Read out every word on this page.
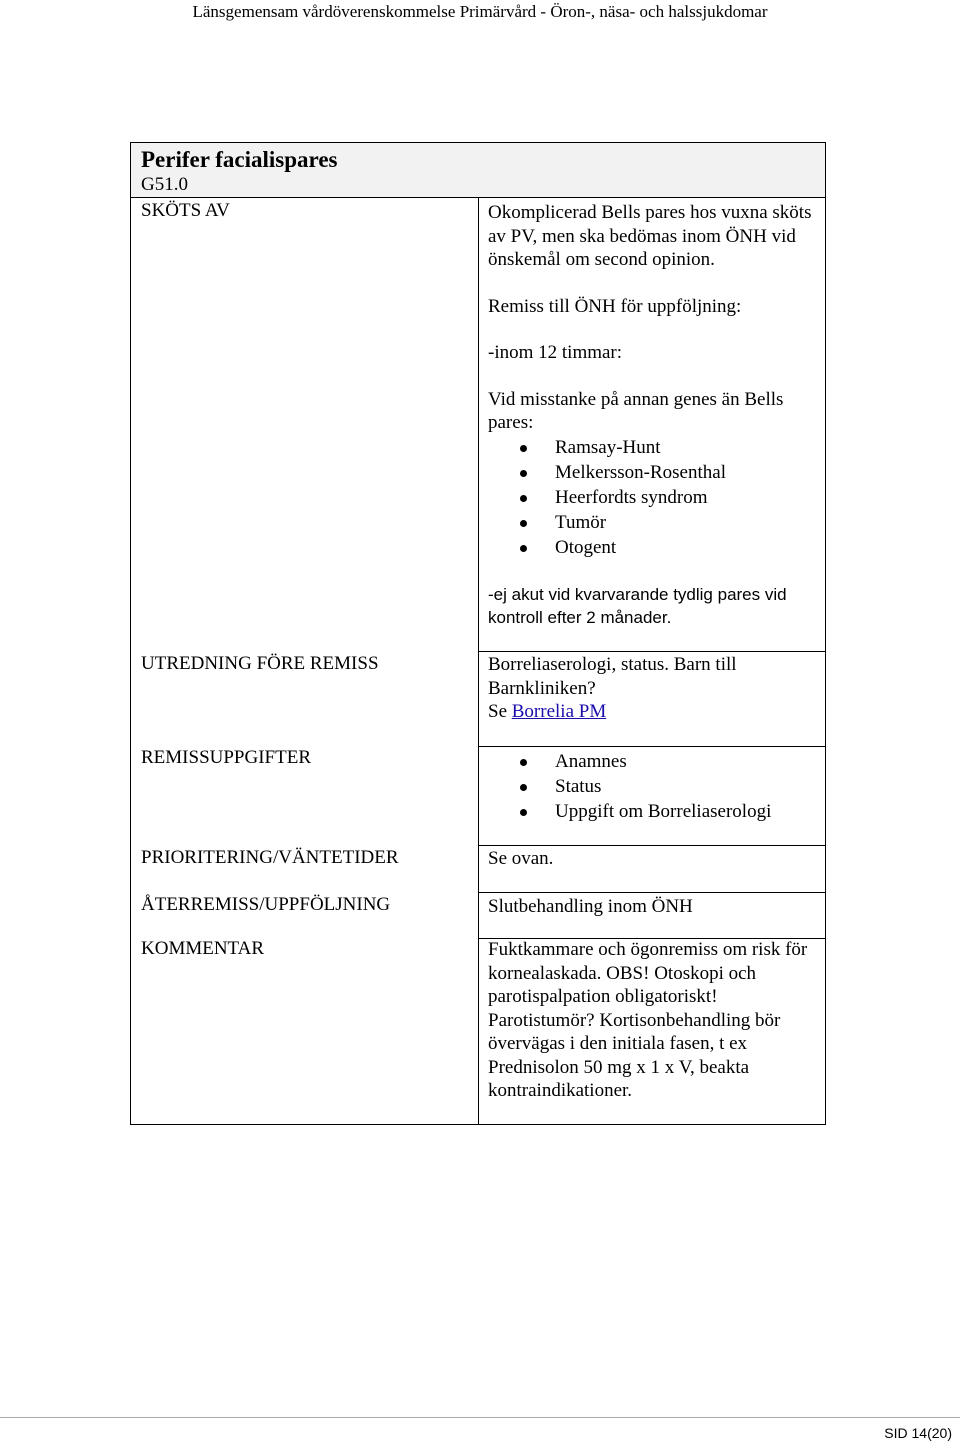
Länsgemensam vårdöverenskommelse Primärvård - Öron-, näsa- och halssjukdomar
Perifer facialispares
G51.0
SKÖTS AV
UTREDNING FÖRE REMISS
REMISSUPPGIFTER
PRIORITERING/VÄNTETIDER
ÅTERREMISS/UPPFÖLJNING
KOMMENTAR

Okomplicerad Bells pares hos vuxna sköts av PV, men ska bedömas inom ÖNH vid önskemål om second opinion.

Remiss till ÖNH för uppföljning:

-inom 12 timmar:

Vid misstanke på annan genes än Bells pares:

Ramsay-Hunt
Melkersson-Rosenthal
Heerfordts syndrom
Tumör
Otogent

-ej akut vid kvarvarande tydlig pares vid kontroll efter 2 månader.

Borreliaserologi, status. Barn till Barnkliniken?

Se Borrelia PM

Anamnes
Status
Uppgift om Borreliaserologi
Se ovan.
Slutbehandling inom ÖNH
Fuktkammare och ögonremiss om risk för kornealaskada. OBS! Otoskopi och parotispalpation obligatoriskt! Parotistumör? Kortisonbehandling bör övervägas i den initiala fasen, t ex Prednisolon 50 mg x 1 x V, beakta kontraindikationer.
SID 14(20)
